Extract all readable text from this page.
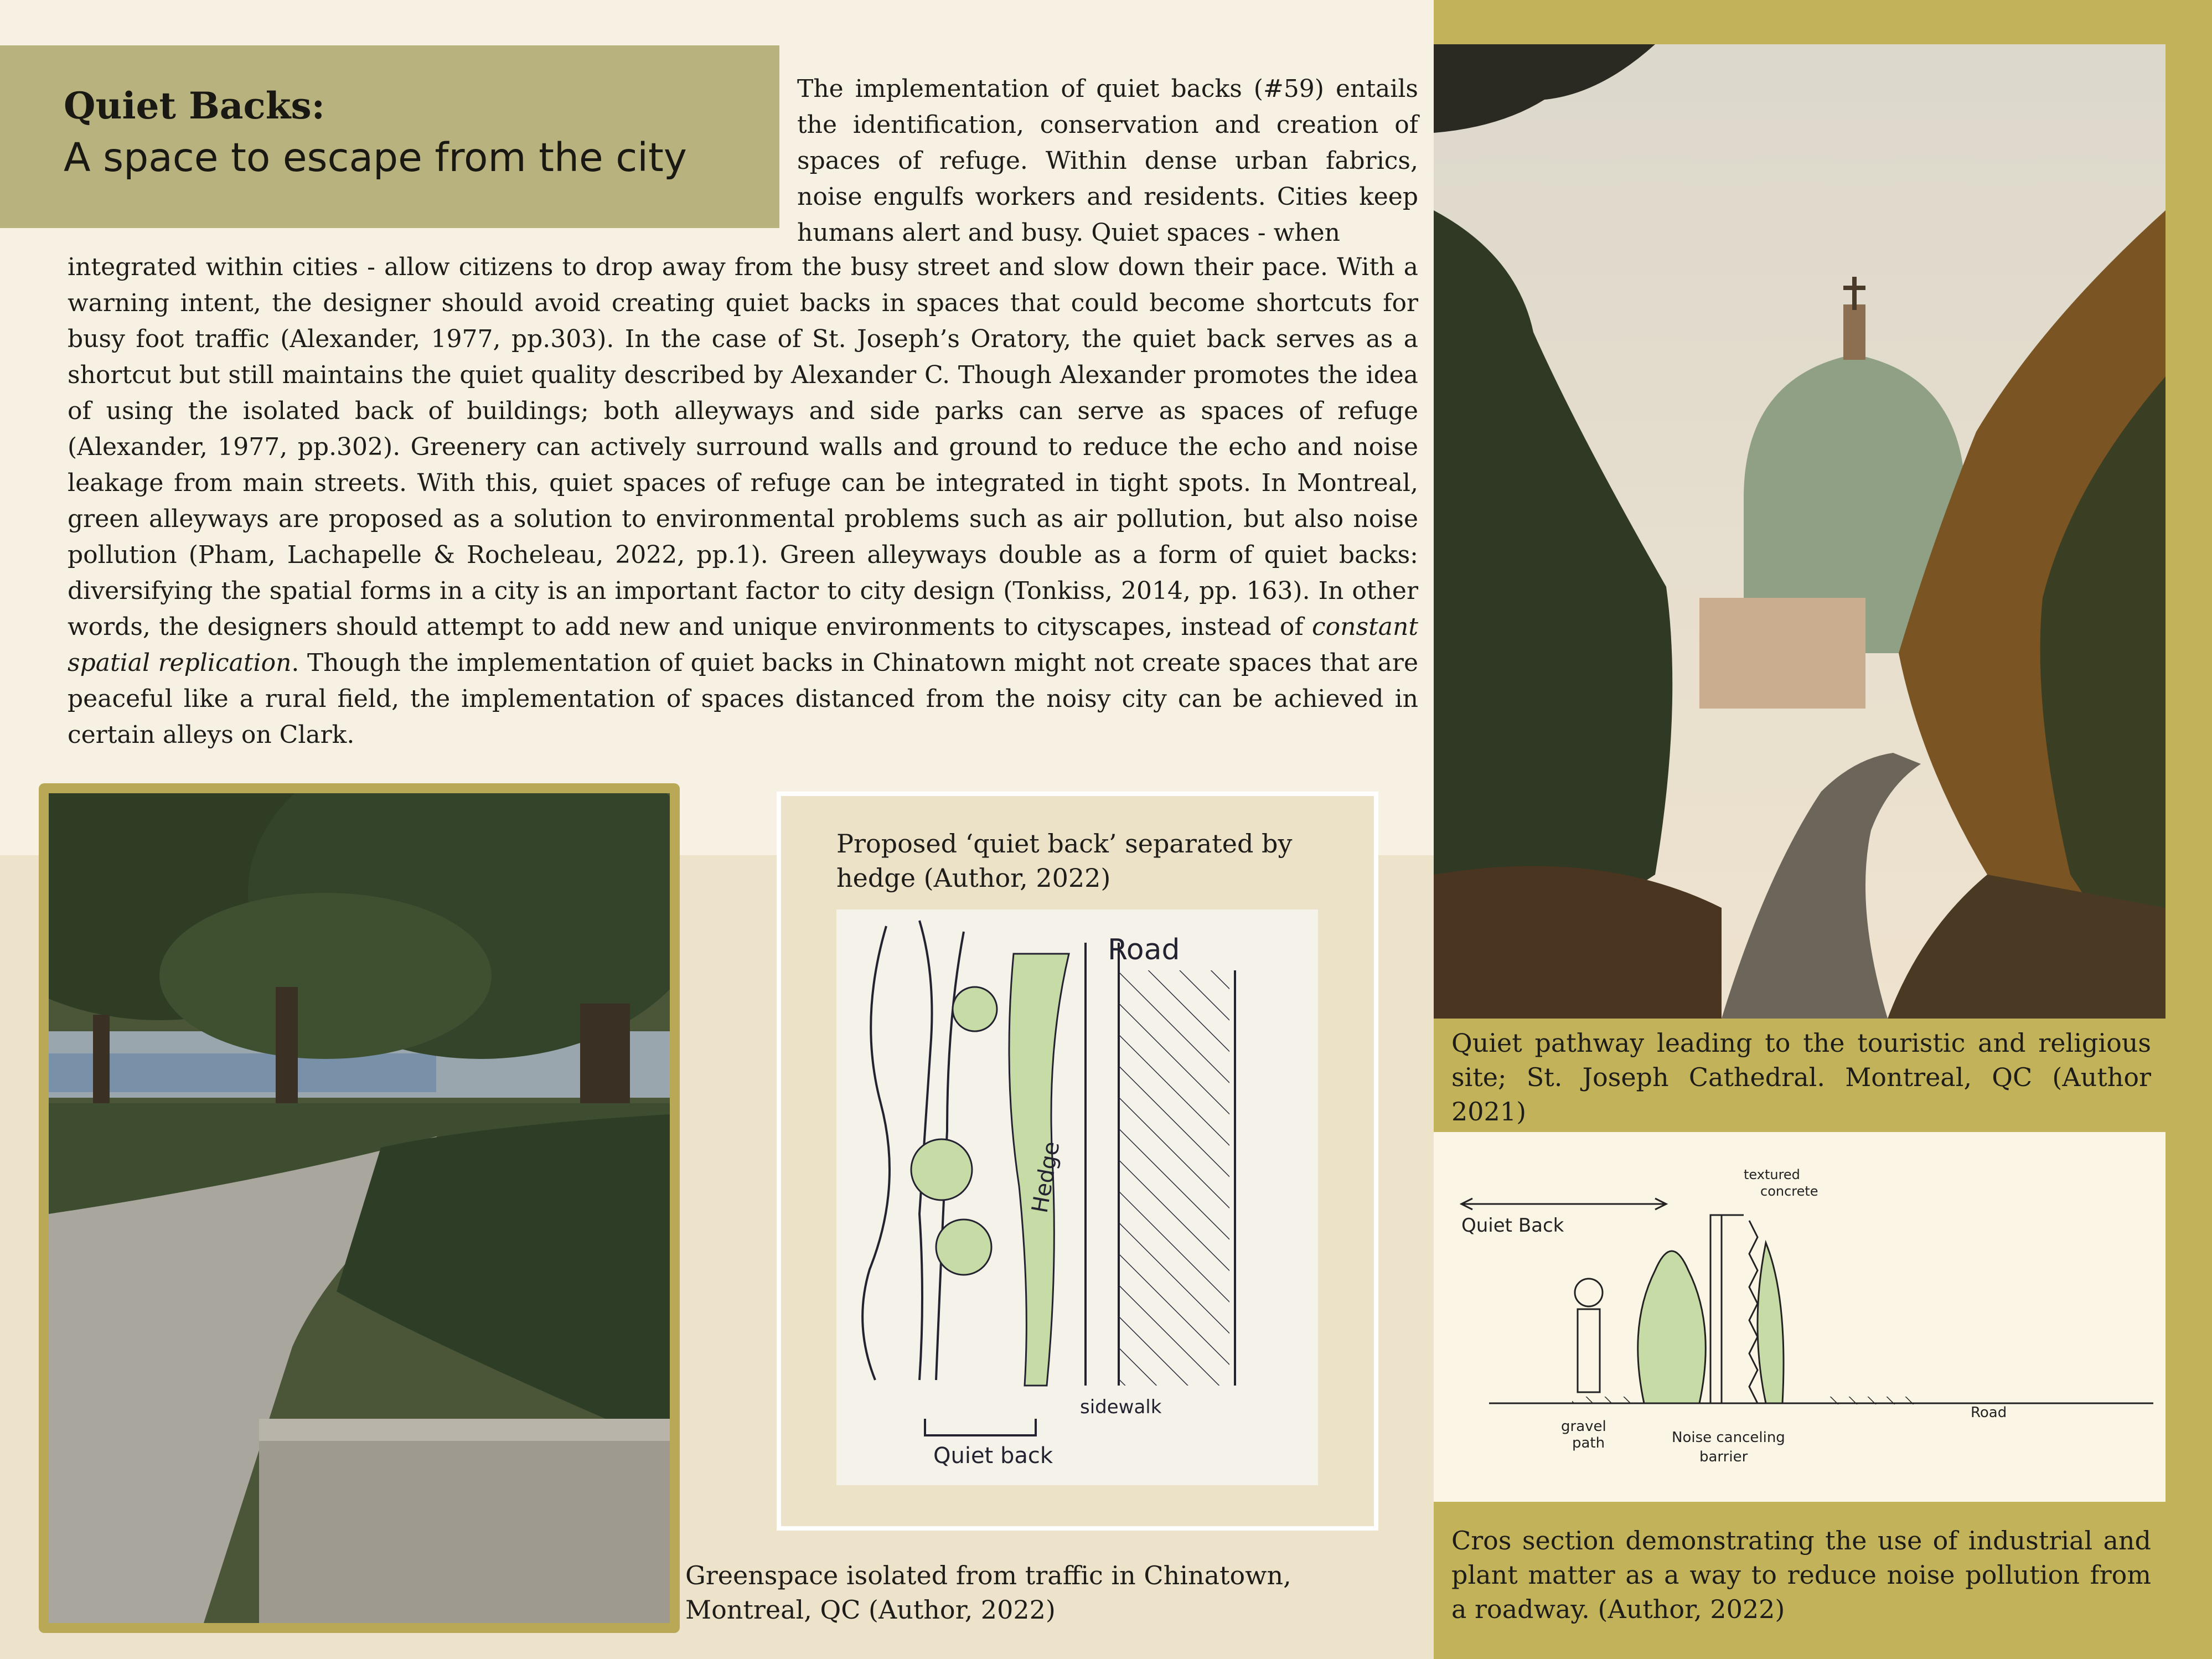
Quiet Backs:
A space to escape from the city

The implementation of quiet backs (#59) entails the identification, conservation and creation of spaces of refuge. Within dense urban fabrics, noise engulfs workers and residents. Cities keep humans alert and busy. Quiet spaces - when

integrated within cities - allow citizens to drop away from the busy street and slow down their pace. With a warning intent, the designer should avoid creating quiet backs in spaces that could become shortcuts for busy foot traffic (Alexander, 1977, pp.303). In the case of St. Joseph’s Oratory, the quiet back serves as a shortcut but still maintains the quiet quality described by Alexander C. Though Alexander promotes the idea of using the isolated back of buildings; both alleyways and side parks can serve as spaces of refuge (Alexander, 1977, pp.302). Greenery can actively surround walls and ground to reduce the echo and noise leakage from main streets. With this, quiet spaces of refuge can be integrated in tight spots. In Montreal, green alleyways are proposed as a solution to environmental problems such as air pollution, but also noise pollution (Pham, Lachapelle & Rocheleau, 2022, pp.1). Green alleyways double as a form of quiet backs: diversifying the spatial forms in a city is an important factor to city design (Tonkiss, 2014, pp. 163). In other words, the designers should attempt to add new and unique environments to cityscapes, instead of constant spatial replication. Though the implementation of quiet backs in Chinatown might not create spaces that are peaceful like a rural field, the implementation of spaces distanced from the noisy city can be achieved in certain alleys on Clark.

Greenspace isolated from traffic in Chinatown, Montreal, QC (Author, 2022)
Proposed ‘quiet back’ separated by hedge (Author, 2022)
Road
Hedge
sidewalk
Quiet back
Quiet pathway leading to the touristic and religious site; St. Joseph Cathedral. Montreal, QC (Author 2021)
Quiet Back
gravel
path
textured
concrete
Noise canceling
barrier
Road
Cros section demonstrating the use of industrial and plant matter as a way to reduce noise pollution from a roadway. (Author, 2022)
